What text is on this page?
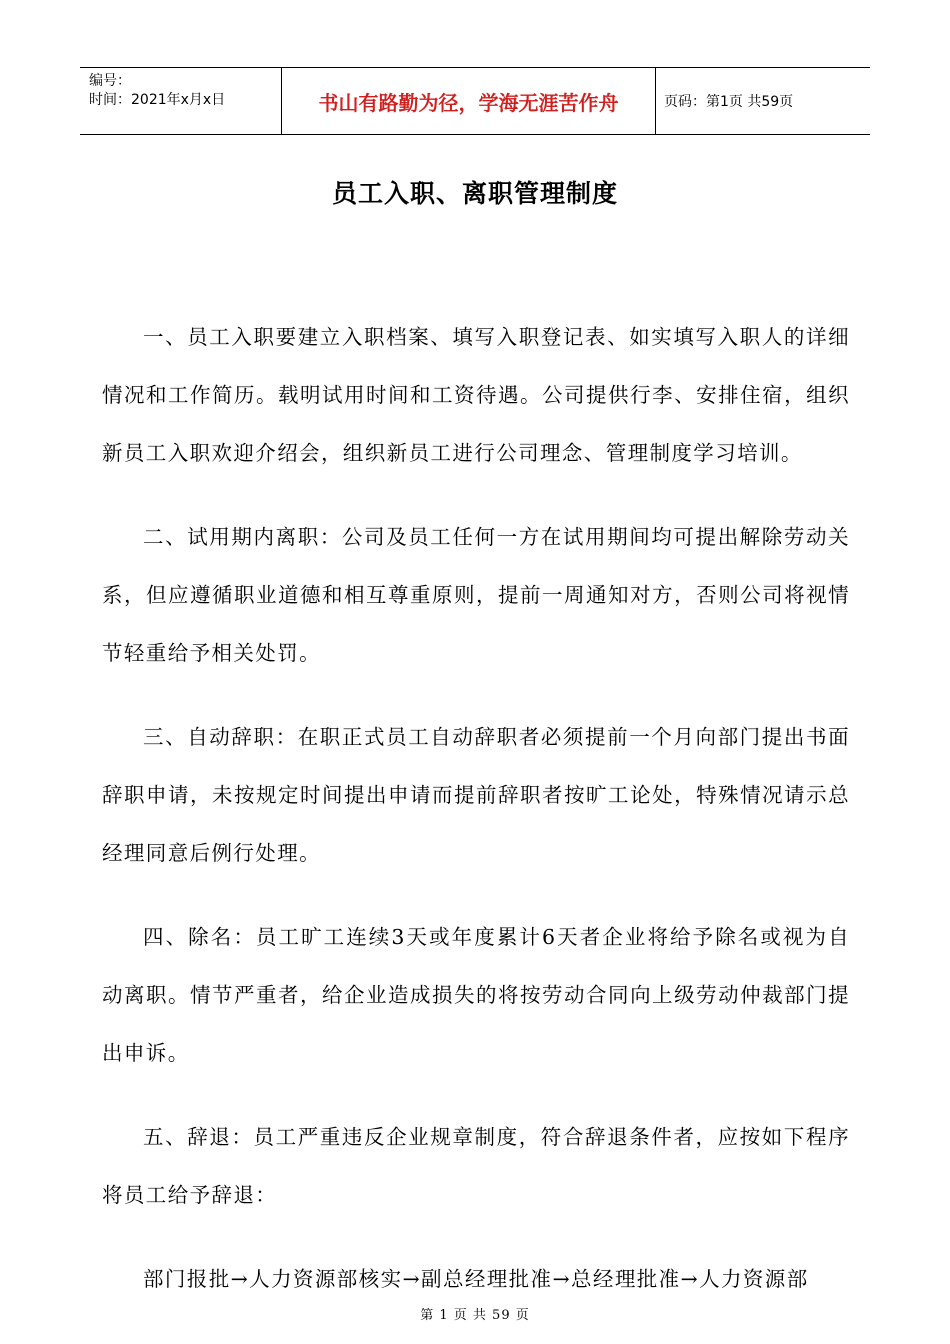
编号：
时间：2021年x月x日	书山有路勤为径，学海无涯苦作舟	页码：第1页 共59页
员工入职、离职管理制度

一、员工入职要建立入职档案、填写入职登记表、如实填写入职人的详细情况和工作简历。载明试用时间和工资待遇。公司提供行李、安排住宿，组织新员工入职欢迎介绍会，组织新员工进行公司理念、管理制度学习培训。

二、试用期内离职：公司及员工任何一方在试用期间均可提出解除劳动关系，但应遵循职业道德和相互尊重原则，提前一周通知对方，否则公司将视情节轻重给予相关处罚。

三、自动辞职：在职正式员工自动辞职者必须提前一个月向部门提出书面辞职申请，未按规定时间提出申请而提前辞职者按旷工论处，特殊情况请示总经理同意后例行处理。

四、除名：员工旷工连续3天或年度累计6天者企业将给予除名或视为自动离职。情节严重者，给企业造成损失的将按劳动合同向上级劳动仲裁部门提出申诉。

五、辞退：员工严重违反企业规章制度，符合辞退条件者，应按如下程序将员工给予辞退：

部门报批→人力资源部核实→副总经理批准→总经理批准→人力资源部

第 1 页 共 59 页
